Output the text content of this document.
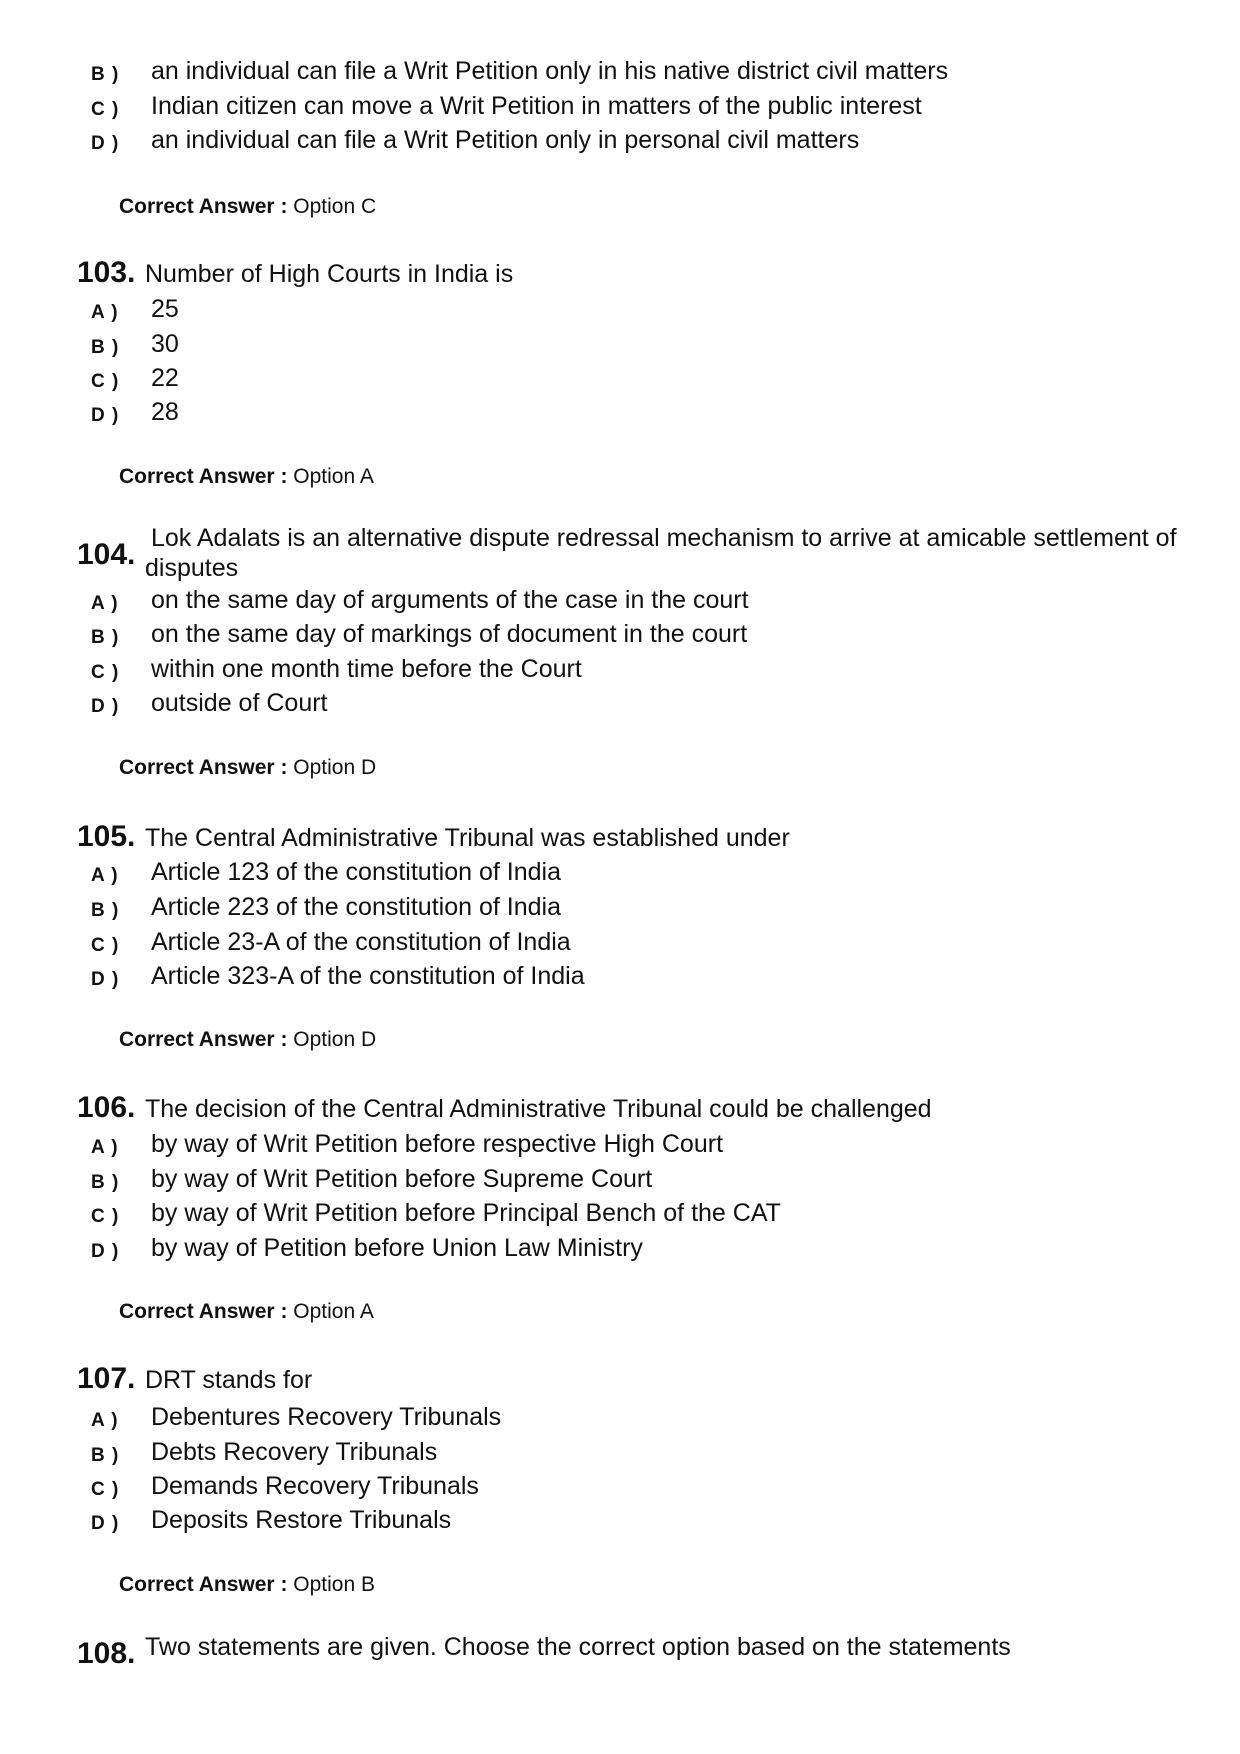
B ) an individual can file a Writ Petition only in his native district civil matters
C ) Indian citizen can move a Writ Petition in matters of the public interest
D ) an individual can file a Writ Petition only in personal civil matters
Correct Answer : Option C
103. Number of High Courts in India is
A ) 25
B ) 30
C ) 22
D ) 28
Correct Answer : Option A
104. Lok Adalats is an alternative dispute redressal mechanism to arrive at amicable settlement of disputes
A ) on the same day of arguments of the case in the court
B ) on the same day of markings of document in the court
C ) within one month time before the Court
D ) outside of Court
Correct Answer : Option D
105. The Central Administrative Tribunal was established under
A ) Article 123 of the constitution of India
B ) Article 223 of the constitution of India
C ) Article 23-A of the constitution of India
D ) Article 323-A of the constitution of India
Correct Answer : Option D
106. The decision of the Central Administrative Tribunal could be challenged
A ) by way of Writ Petition before respective High Court
B ) by way of Writ Petition before Supreme Court
C ) by way of Writ Petition before Principal Bench of the CAT
D ) by way of Petition before Union Law Ministry
Correct Answer : Option A
107. DRT stands for
A ) Debentures Recovery Tribunals
B ) Debts Recovery Tribunals
C ) Demands Recovery Tribunals
D ) Deposits Restore Tribunals
Correct Answer : Option B
108. Two statements are given. Choose the correct option based on the statements
